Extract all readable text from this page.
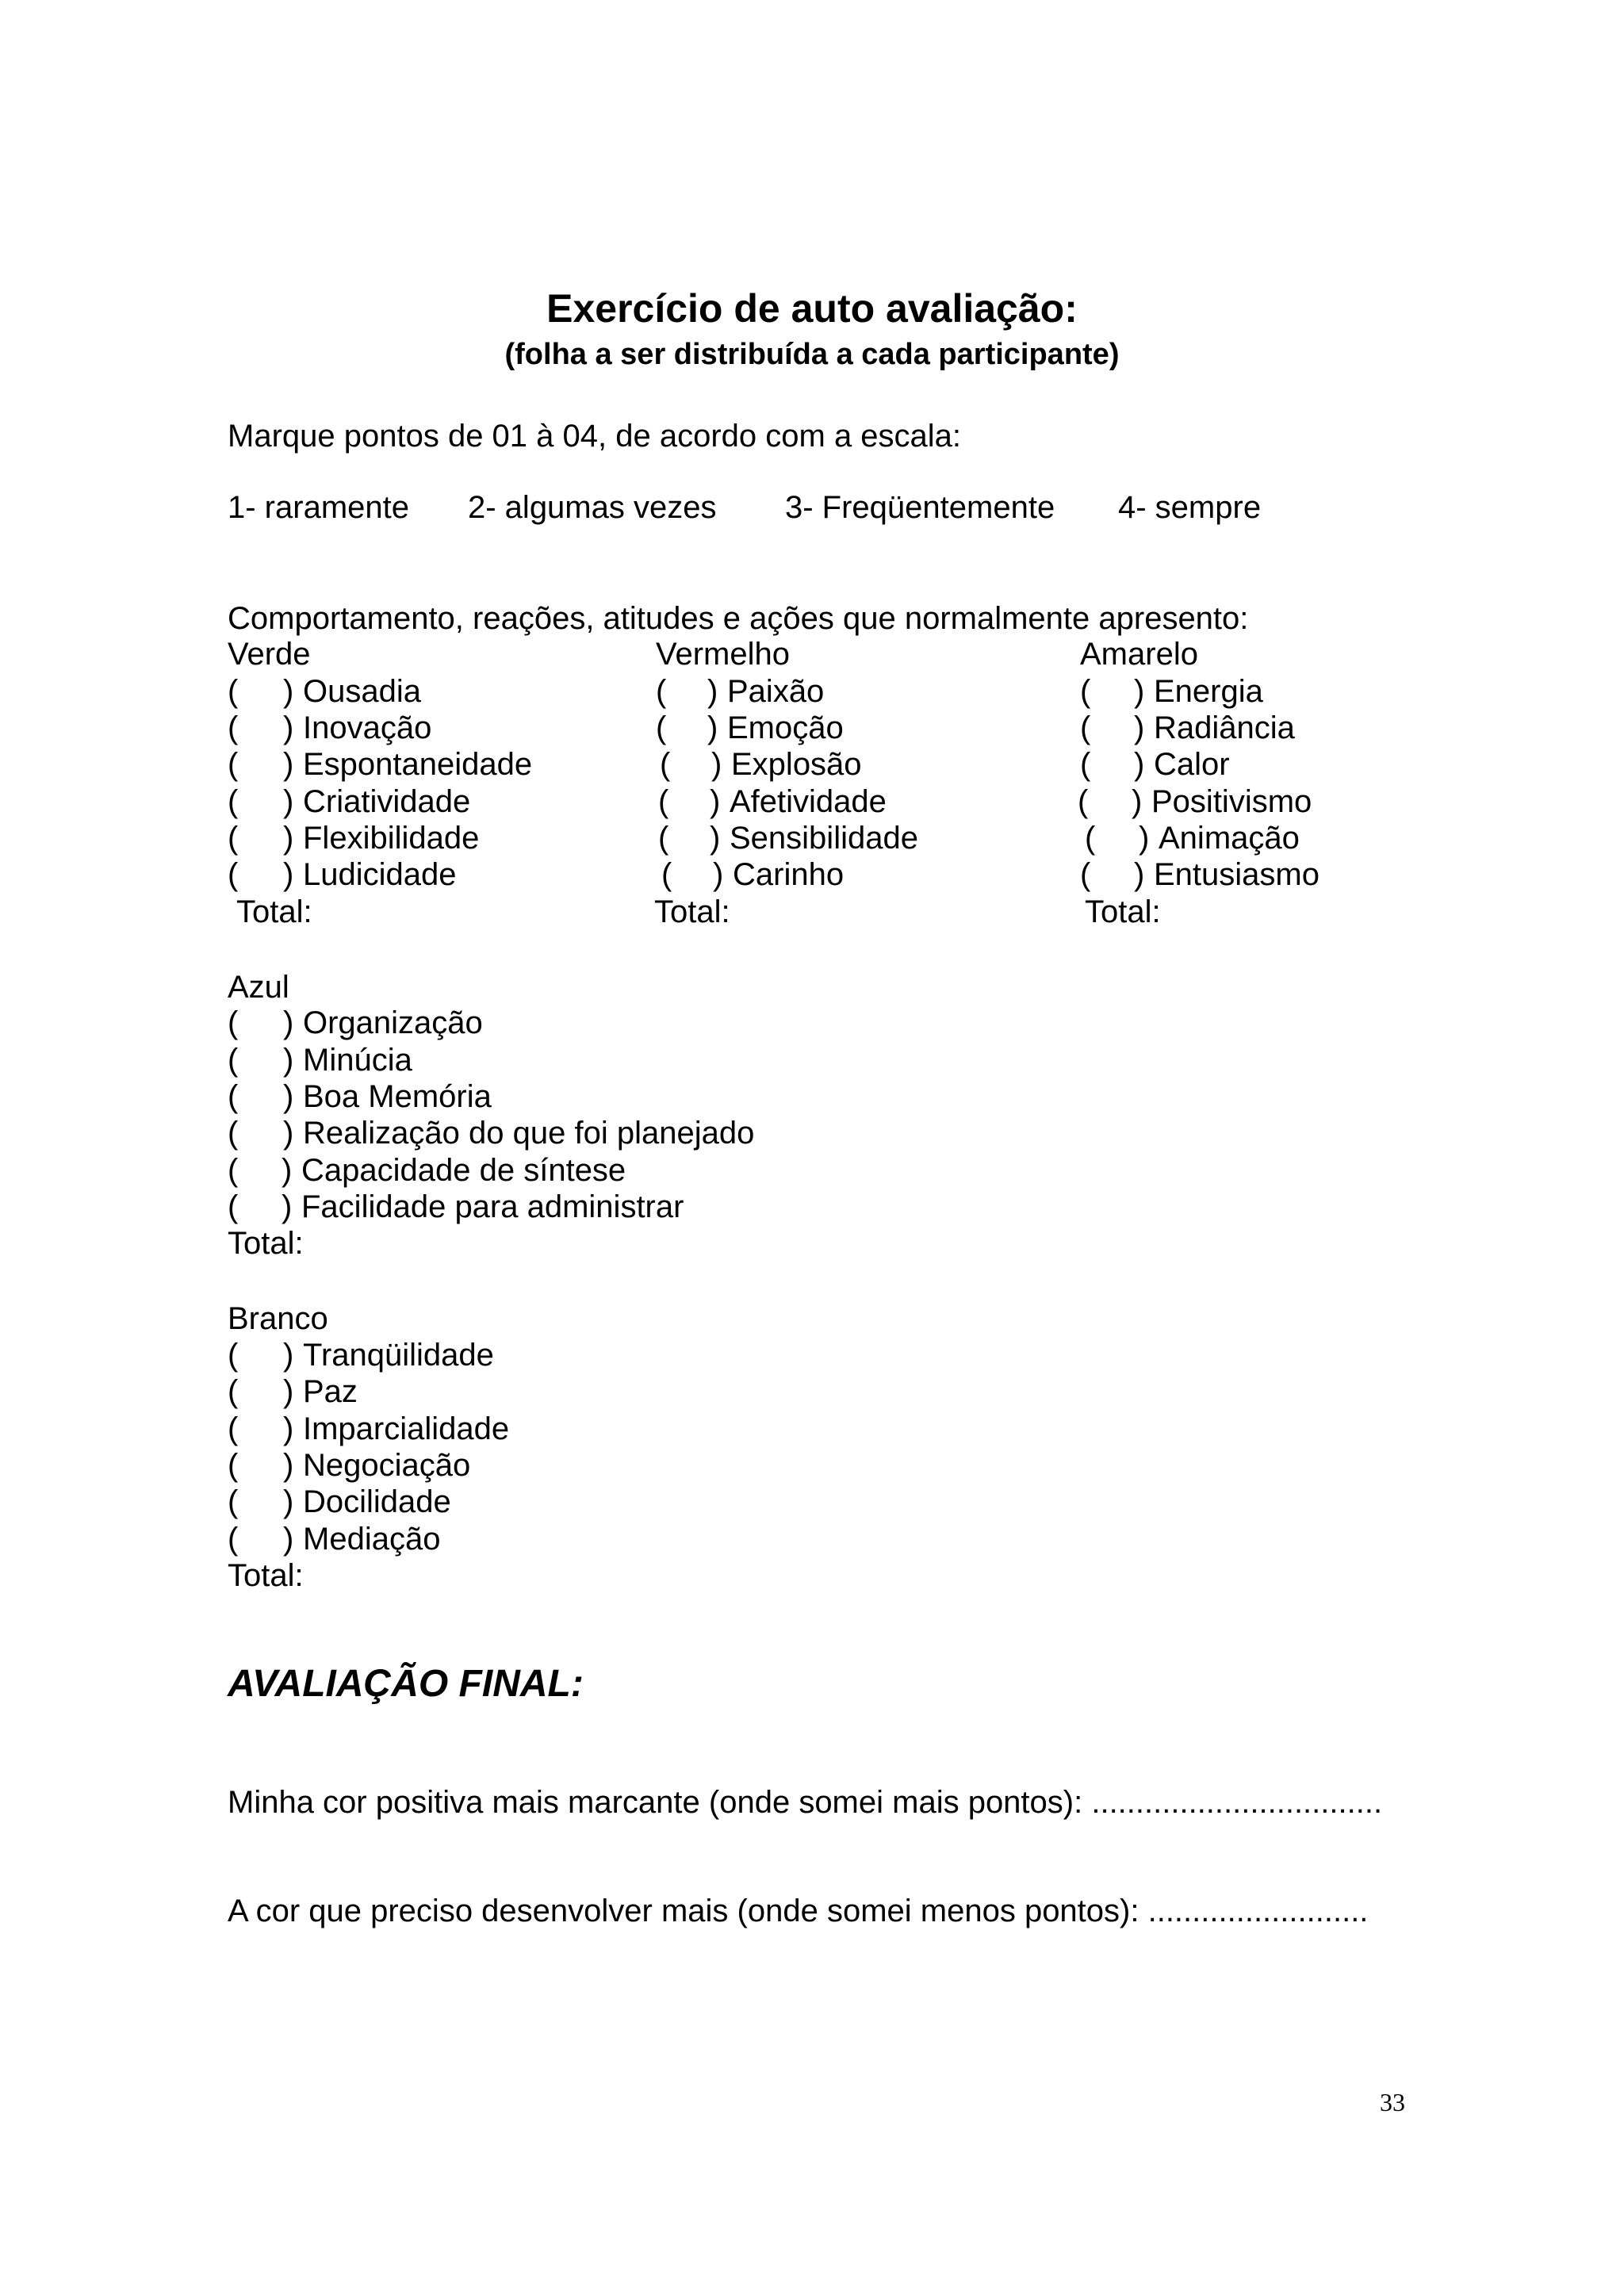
Exercício de auto avaliação:
(folha a ser distribuída a cada participante)
Marque pontos de 01 à 04, de acordo com a escala:
1- raramente 2- algumas vezes 3- Freqüentemente 4- sempre
Comportamento, reações, atitudes e ações que normalmente apresento:
Verde	Vermelho	Amarelo
( ) Ousadia
( ) Inovação
( ) Espontaneidade
( ) Criatividade
( ) Flexibilidade
( ) Ludicidade
Total:
( ) Paixão
( ) Emoção
( ) Explosão
( ) Afetividade
( ) Sensibilidade
( ) Carinho
Total:
( ) Energia
( ) Radiância
( ) Calor
( ) Positivismo
( ) Animação
( ) Entusiasmo
Total:
Azul
( ) Organização
( ) Minúcia
( ) Boa Memória
( ) Realização do que foi planejado
( ) Capacidade de síntese
( ) Facilidade para administrar
Total:
Branco
( ) Tranqüilidade
( ) Paz
( ) Imparcialidade
( ) Negociação
( ) Docilidade
( ) Mediação
Total:
AVALIAÇÃO FINAL:
Minha cor positiva mais marcante (onde somei mais pontos): .................................
A cor que preciso desenvolver mais (onde somei menos pontos): .........................
33
